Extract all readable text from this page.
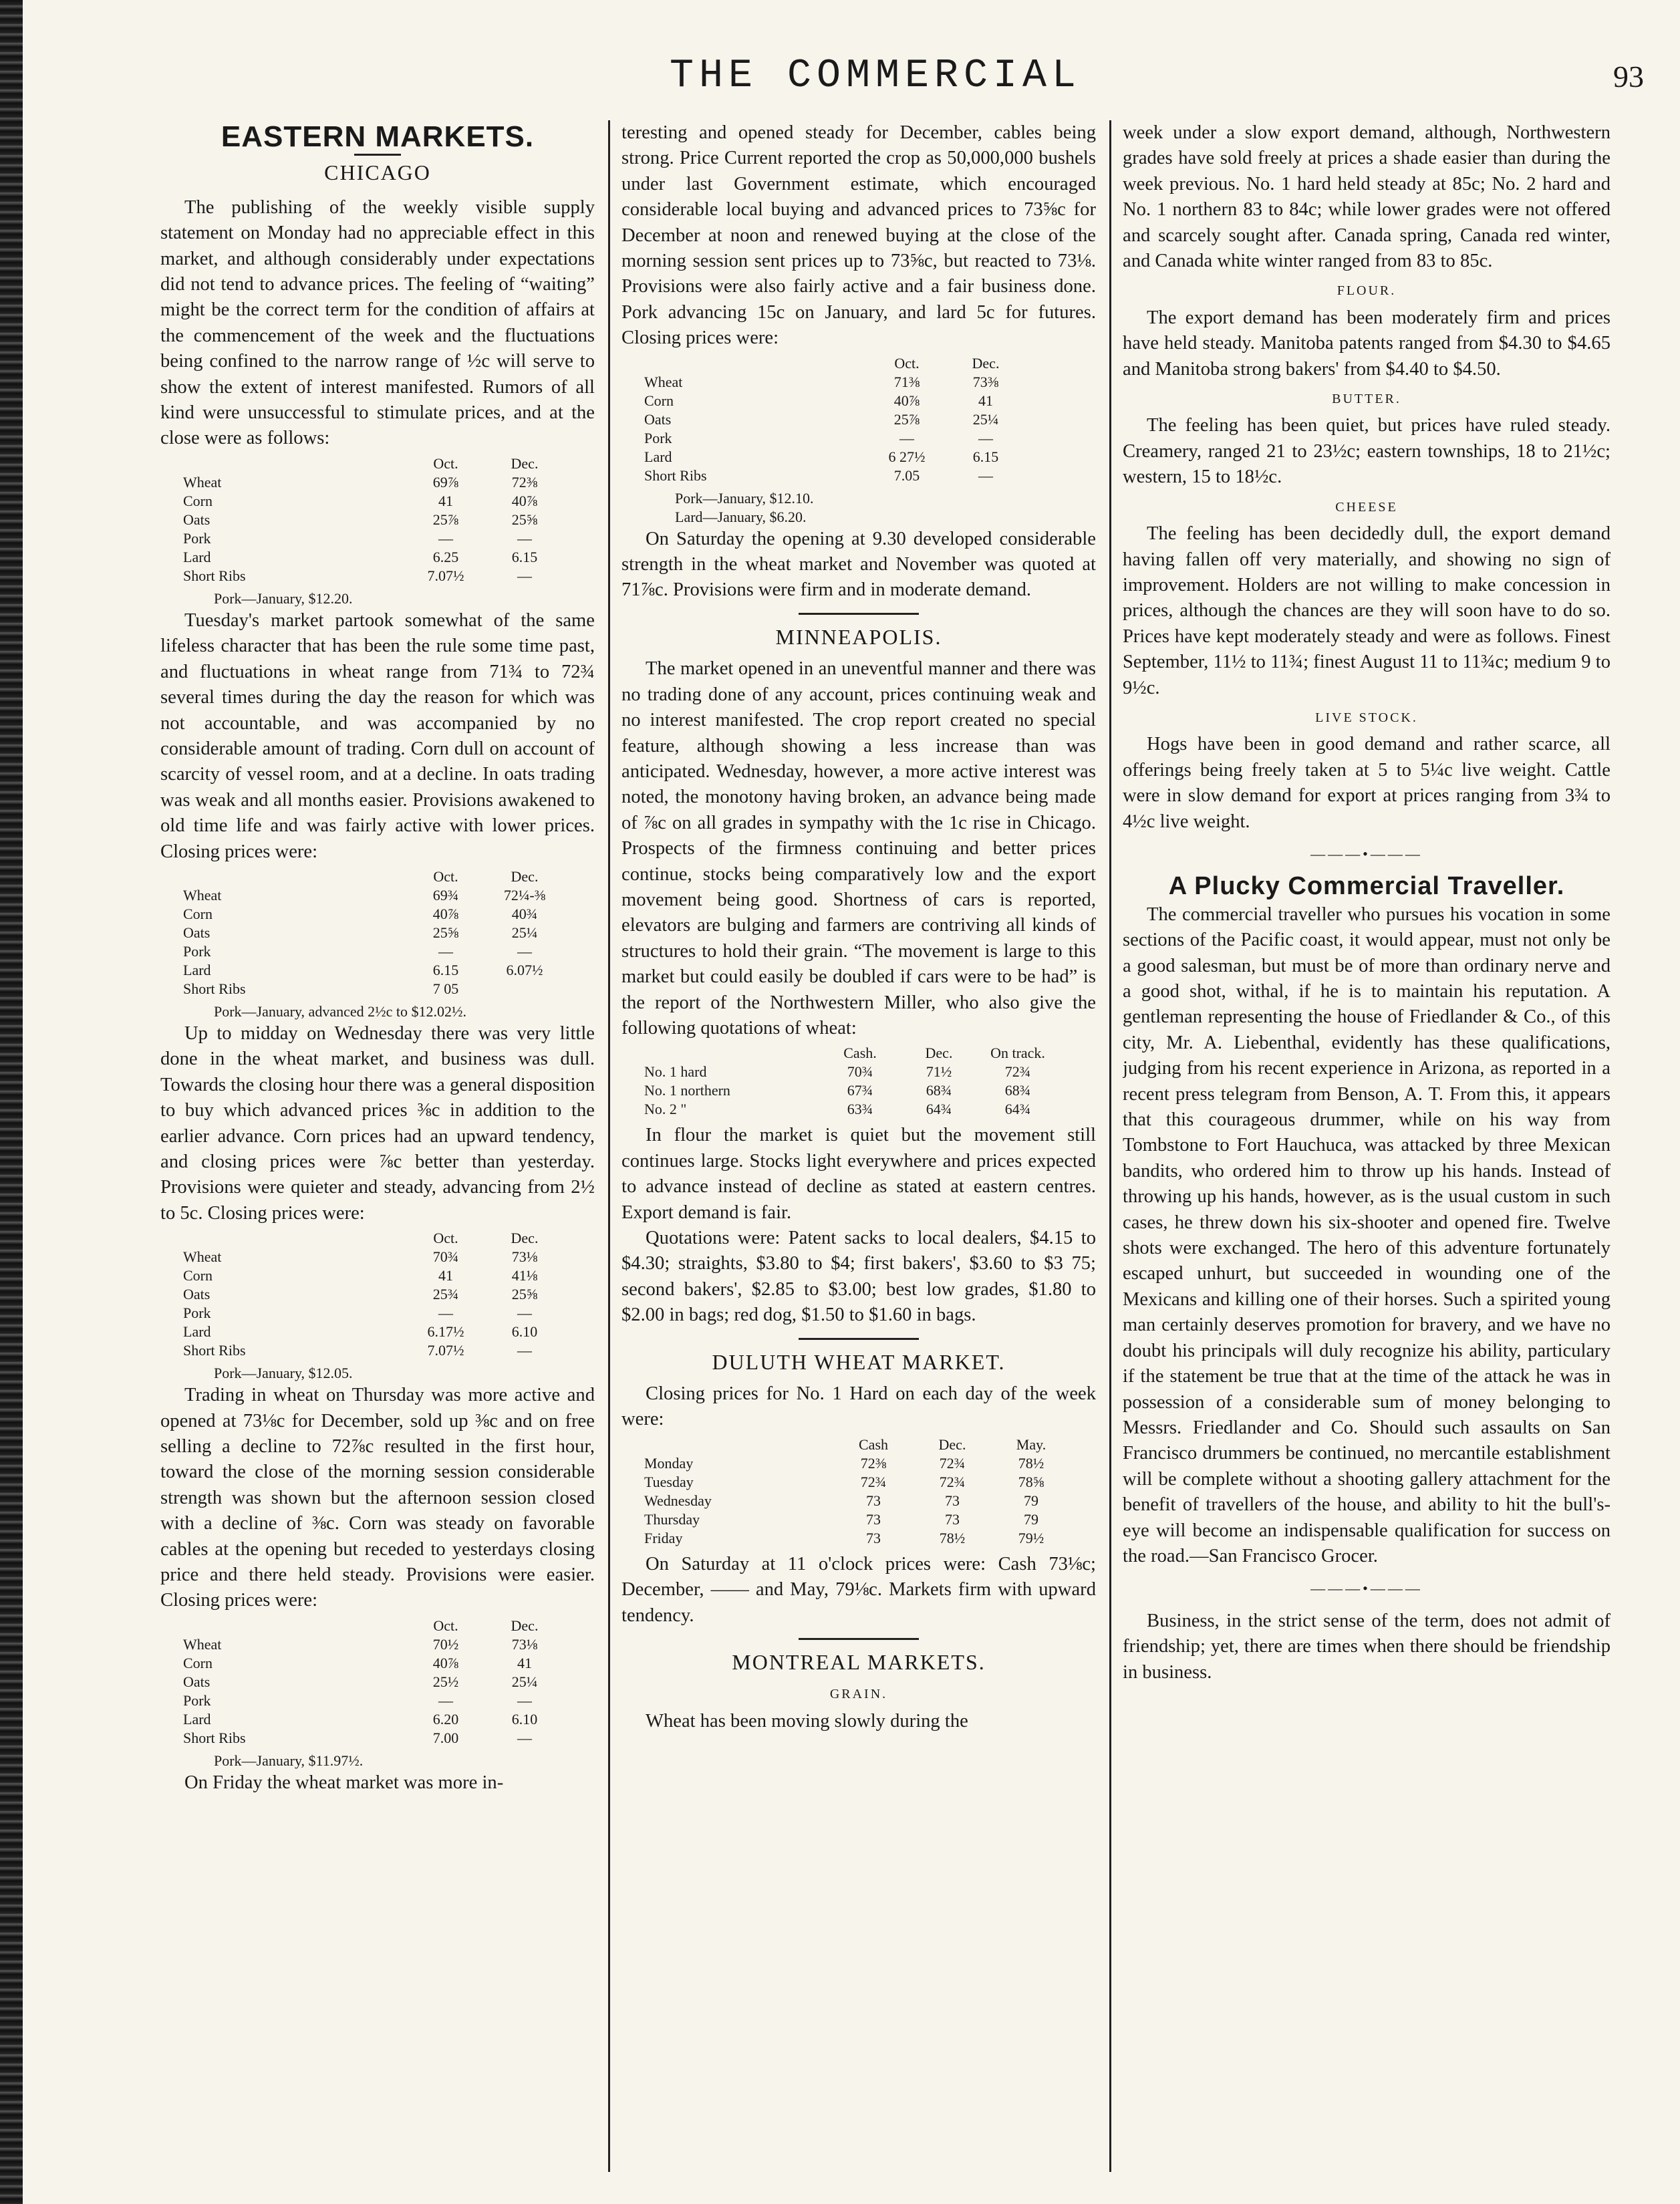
THE COMMERCIAL	93
EASTERN MARKETS.
CHICAGO

The publishing of the weekly visible supply statement on Monday had no appreciable effect in this market, and although considerably under expectations did not tend to advance prices. The feeling of “waiting” might be the correct term for the condition of affairs at the commencement of the week and the fluctuations being confined to the narrow range of ½c will serve to show the extent of interest manifested. Rumors of all kind were unsuccessful to stimulate prices, and at the close were as follows:

	Oct.	Dec.
Wheat	69⅞	72⅜
Corn	41	40⅞
Oats	25⅞	25⅝
Pork	—	—
Lard	6.25	6.15
Short Ribs	7.07½	—
Pork—January, $12.20.

Tuesday's market partook somewhat of the same lifeless character that has been the rule some time past, and fluctuations in wheat range from 71¾ to 72¾ several times during the day the reason for which was not accountable, and was accompanied by no considerable amount of trading. Corn dull on account of scarcity of vessel room, and at a decline. In oats trading was weak and all months easier. Provisions awakened to old time life and was fairly active with lower prices. Closing prices were:

	Oct.	Dec.
Wheat	69¾	72¼-⅜
Corn	40⅞	40¾
Oats	25⅝	25¼
Pork	—	—
Lard	6.15	6.07½
Short Ribs	7 05	
Pork—January, advanced 2½c to $12.02½.

Up to midday on Wednesday there was very little done in the wheat market, and business was dull. Towards the closing hour there was a general disposition to buy which advanced prices ⅜c in addition to the earlier advance. Corn prices had an upward tendency, and closing prices were ⅞c better than yesterday. Provisions were quieter and steady, advancing from 2½ to 5c. Closing prices were:

	Oct.	Dec.
Wheat	70¾	73⅛
Corn	41	41⅛
Oats	25¾	25⅝
Pork	—	—
Lard	6.17½	6.10
Short Ribs	7.07½	—
Pork—January, $12.05.

Trading in wheat on Thursday was more active and opened at 73⅛c for December, sold up ⅜c and on free selling a decline to 72⅞c resulted in the first hour, toward the close of the morning session considerable strength was shown but the afternoon session closed with a decline of ⅜c. Corn was steady on favorable cables at the opening but receded to yesterdays closing price and there held steady. Provisions were easier. Closing prices were:

	Oct.	Dec.
Wheat	70½	73⅛
Corn	40⅞	41
Oats	25½	25¼
Pork	—	—
Lard	6.20	6.10
Short Ribs	7.00	—
Pork—January, $11.97½.

On Friday the wheat market was more in-

teresting and opened steady for December, cables being strong. Price Current reported the crop as 50,000,000 bushels under last Government estimate, which encouraged considerable local buying and advanced prices to 73⅝c for December at noon and renewed buying at the close of the morning session sent prices up to 73⅝c, but reacted to 73⅛. Provisions were also fairly active and a fair business done. Pork advancing 15c on January, and lard 5c for futures. Closing prices were:

	Oct.	Dec.
Wheat	71⅜	73⅜
Corn	40⅞	41
Oats	25⅞	25¼
Pork	—	—
Lard	6 27½	6.15
Short Ribs	7.05	—
Pork—January, $12.10.
Lard—January, $6.20.

On Saturday the opening at 9.30 developed considerable strength in the wheat market and November was quoted at 71⅞c. Provisions were firm and in moderate demand.

MINNEAPOLIS.

The market opened in an uneventful manner and there was no trading done of any account, prices continuing weak and no interest manifested. The crop report created no special feature, although showing a less increase than was anticipated. Wednesday, however, a more active interest was noted, the monotony having broken, an advance being made of ⅞c on all grades in sympathy with the 1c rise in Chicago. Prospects of the firmness continuing and better prices continue, stocks being comparatively low and the export movement being good. Shortness of cars is reported, elevators are bulging and farmers are contriving all kinds of structures to hold their grain. “The movement is large to this market but could easily be doubled if cars were to be had” is the report of the Northwestern Miller, who also give the following quotations of wheat:

	Cash.	Dec.	On track.
No. 1 hard	70¾	71½	72¾
No. 1 northern	67¾	68¾	68¾
No. 2 "	63¾	64¾	64¾

In flour the market is quiet but the movement still continues large. Stocks light everywhere and prices expected to advance instead of decline as stated at eastern centres. Export demand is fair.

Quotations were: Patent sacks to local dealers, $4.15 to $4.30; straights, $3.80 to $4; first bakers', $3.60 to $3 75; second bakers', $2.85 to $3.00; best low grades, $1.80 to $2.00 in bags; red dog, $1.50 to $1.60 in bags.

DULUTH WHEAT MARKET.

Closing prices for No. 1 Hard on each day of the week were:

	Cash	Dec.	May.
Monday	72⅜	72¾	78½
Tuesday	72¾	72¾	78⅝
Wednesday	73	73	79
Thursday	73	73	79
Friday	73	78½	79½

On Saturday at 11 o'clock prices were: Cash 73⅛c; December, —— and May, 79⅛c. Markets firm with upward tendency.

MONTREAL MARKETS.
GRAIN.

Wheat has been moving slowly during the

week under a slow export demand, although, Northwestern grades have sold freely at prices a shade easier than during the week previous. No. 1 hard held steady at 85c; No. 2 hard and No. 1 northern 83 to 84c; while lower grades were not offered and scarcely sought after. Canada spring, Canada red winter, and Canada white winter ranged from 83 to 85c.

FLOUR.

The export demand has been moderately firm and prices have held steady. Manitoba patents ranged from $4.30 to $4.65 and Manitoba strong bakers' from $4.40 to $4.50.

BUTTER.

The feeling has been quiet, but prices have ruled steady. Creamery, ranged 21 to 23½c; eastern townships, 18 to 21½c; western, 15 to 18½c.

CHEESE

The feeling has been decidedly dull, the export demand having fallen off very materially, and showing no sign of improvement. Holders are not willing to make concession in prices, although the chances are they will soon have to do so. Prices have kept moderately steady and were as follows. Finest September, 11½ to 11¾; finest August 11 to 11¾c; medium 9 to 9½c.

LIVE STOCK.

Hogs have been in good demand and rather scarce, all offerings being freely taken at 5 to 5¼c live weight. Cattle were in slow demand for export at prices ranging from 3¾ to 4½c live weight.

———•———
A Plucky Commercial Traveller.

The commercial traveller who pursues his vocation in some sections of the Pacific coast, it would appear, must not only be a good salesman, but must be of more than ordinary nerve and a good shot, withal, if he is to maintain his reputation. A gentleman representing the house of Friedlander & Co., of this city, Mr. A. Liebenthal, evidently has these qualifications, judging from his recent experience in Arizona, as reported in a recent press telegram from Benson, A. T. From this, it appears that this courageous drummer, while on his way from Tombstone to Fort Hauchuca, was attacked by three Mexican bandits, who ordered him to throw up his hands. Instead of throwing up his hands, however, as is the usual custom in such cases, he threw down his six-shooter and opened fire. Twelve shots were exchanged. The hero of this adventure fortunately escaped unhurt, but succeeded in wounding one of the Mexicans and killing one of their horses. Such a spirited young man certainly deserves promotion for bravery, and we have no doubt his principals will duly recognize his ability, particulary if the statement be true that at the time of the attack he was in possession of a considerable sum of money belonging to Messrs. Friedlander and Co. Should such assaults on San Francisco drummers be continued, no mercantile establishment will be complete without a shooting gallery attachment for the benefit of travellers of the house, and ability to hit the bull's-eye will become an indispensable qualification for success on the road.—San Francisco Grocer.

———•———

Business, in the strict sense of the term, does not admit of friendship; yet, there are times when there should be friendship in business.
